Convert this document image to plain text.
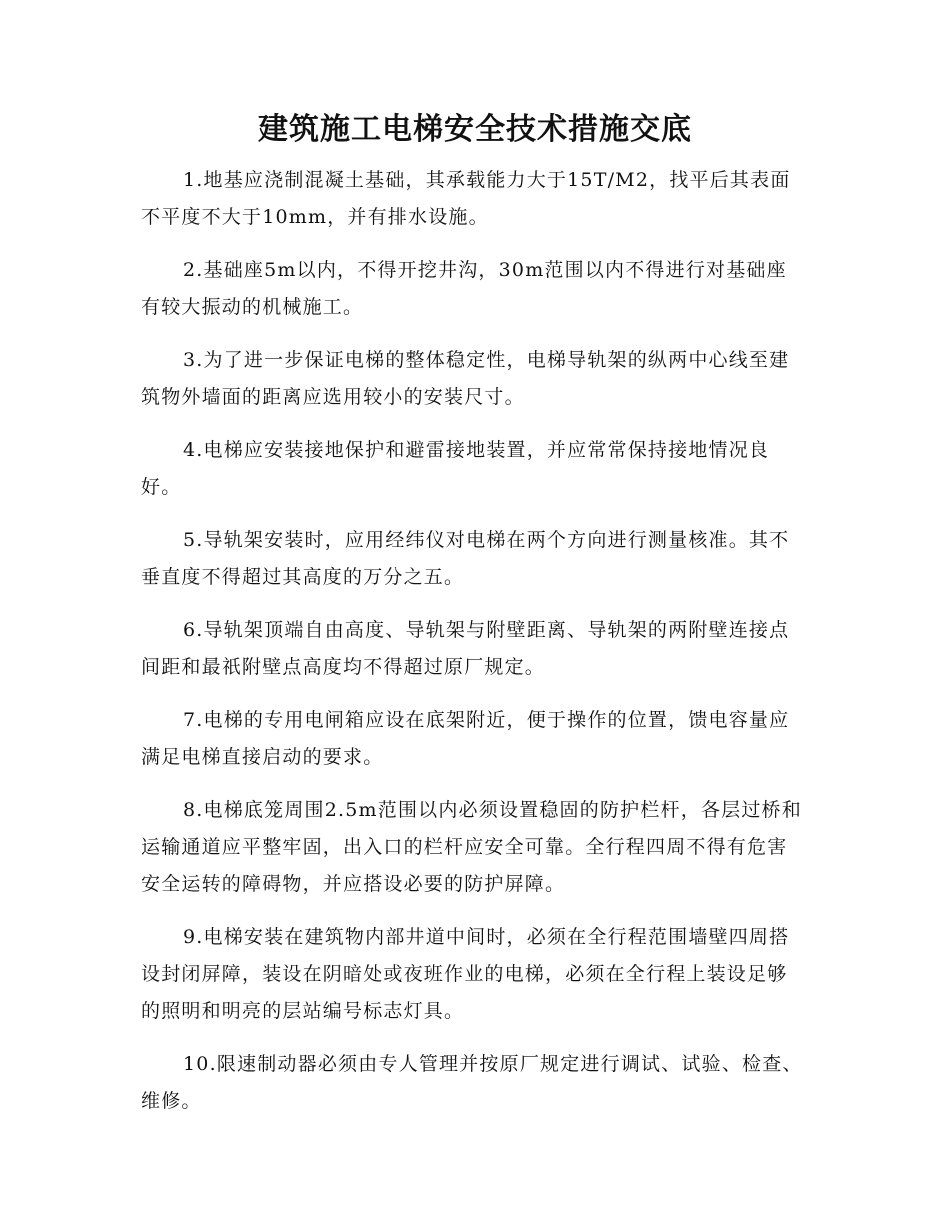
建筑施工电梯安全技术措施交底

1.地基应浇制混凝土基础，其承载能力大于15T/M2，找平后其表面不平度不大于10mm，并有排水设施。

2.基础座5m以内，不得开挖井沟，30m范围以内不得进行对基础座有较大振动的机械施工。

3.为了进一步保证电梯的整体稳定性，电梯导轨架的纵两中心线至建筑物外墙面的距离应选用较小的安装尺寸。

4.电梯应安装接地保护和避雷接地装置，并应常常保持接地情况良好。

5.导轨架安装时，应用经纬仪对电梯在两个方向进行测量核准。其不垂直度不得超过其高度的万分之五。

6.导轨架顶端自由高度、导轨架与附壁距离、导轨架的两附壁连接点间距和最祇附壁点高度均不得超过原厂规定。

7.电梯的专用电闸箱应设在底架附近，便于操作的位置，馈电容量应满足电梯直接启动的要求。

8.电梯底笼周围2.5m范围以内必须设置稳固的防护栏杆，各层过桥和运输通道应平整牢固，出入口的栏杆应安全可靠。全行程四周不得有危害安全运转的障碍物，并应搭设必要的防护屏障。

9.电梯安装在建筑物内部井道中间时，必须在全行程范围墙壁四周搭设封闭屏障，装设在阴暗处或夜班作业的电梯，必须在全行程上装设足够的照明和明亮的层站编号标志灯具。

10.限速制动器必须由专人管理并按原厂规定进行调试、试验、检查、维修。
